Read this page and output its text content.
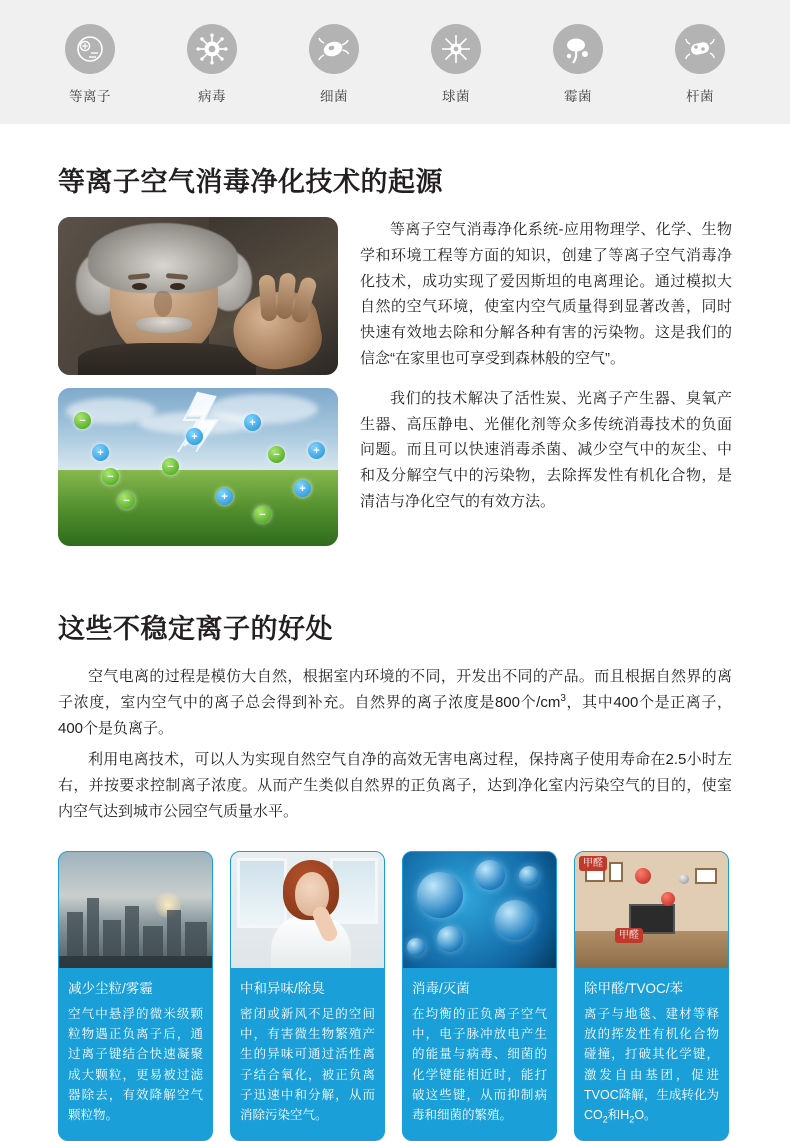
等离子	病毒	细菌	球菌	霉菌	杆菌
等离子空气消毒净化技术的起源
+
−
−
+
−
+
−
+
−	+
−
+

等离子空气消毒净化系统-应用物理学、化学、生物学和环境工程等方面的知识，创建了等离子空气消毒净化技术，成功实现了爱因斯坦的电离理论。通过模拟大自然的空气环境，使室内空气质量得到显著改善，同时快速有效地去除和分解各种有害的污染物。这是我们的信念“在家里也可享受到森林般的空气”。

我们的技术解决了活性炭、光离子产生器、臭氧产生器、高压静电、光催化剂等众多传统消毒技术的负面问题。而且可以快速消毒杀菌、减少空气中的灰尘、中和及分解空气中的污染物，去除挥发性有机化合物，是清洁与净化空气的有效方法。

这些不稳定离子的好处

空气电离的过程是模仿大自然，根据室内环境的不同，开发出不同的产品。而且根据自然界的离子浓度，室内空气中的离子总会得到补充。自然界的离子浓度是800个$/cm^3$，其中400个是正离子，400个是负离子。

利用电离技术，可以人为实现自然空气自净的高效无害电离过程，保持离子使用寿命在2.5小时左右，并按要求控制离子浓度。从而产生类似自然界的正负离子，达到净化室内污染空气的目的，使室内空气达到城市公园空气质量水平。

减少尘粒/雾霾
空气中悬浮的微米级颗粒物遇正负离子后，通过离子键结合快速凝聚成大颗粒，更易被过滤器除去，有效降解空气颗粒物。
中和异味/除臭
密闭或新风不足的空间中，有害微生物繁殖产生的异味可通过活性离子结合氧化，被正负离子迅速中和分解，从而消除污染空气。
消毒/灭菌
在均衡的正负离子空气中，电子脉冲放电产生的能量与病毒、细菌的化学键能相近时，能打破这些键，从而抑制病毒和细菌的繁殖。
甲醛
甲醛
除甲醛/TVOC/苯
离子与地毯、建材等释放的挥发性有机化合物碰撞，打破其化学键，激发自由基团，促进TVOC降解，生成转化为$CO_2$和$H_2O$。
